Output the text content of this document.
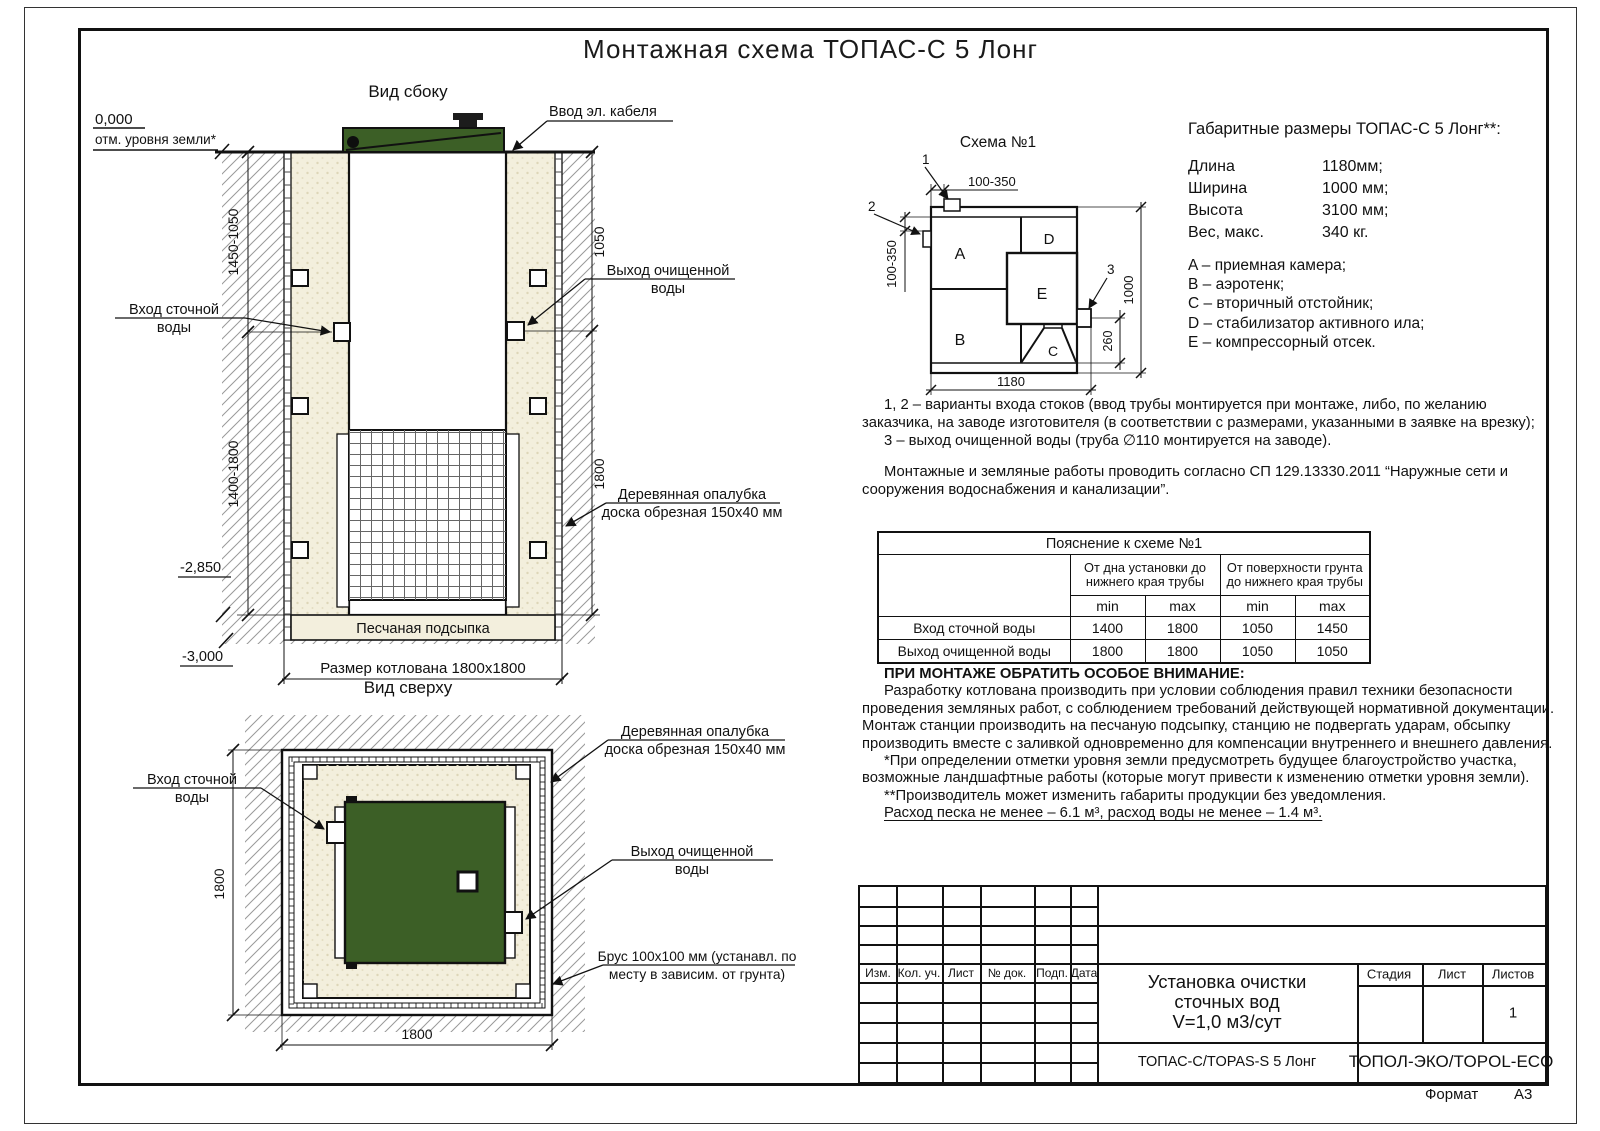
Монтажная схема ТОПАС-С 5 Лонг
Вид сбоку
Песчаная подсыпка
1450-1050
1400-1800
1050
1800
Размер котлована 1800х1800
0,000
отм. уровня земли*
-2,850
-3,000
Ввод эл. кабеля
Вход сточной
воды
Выход очищенной
воды
Деревянная опалубка
доска обрезная 150х40 мм
Вид сверху
1800
1800
Вход сточной
воды
Деревянная опалубка
доска обрезная 150х40 мм
Выход очищенной
воды
Брус 100х100 мм (устанавл. по
месту в зависим. от грунта)
Схема №1
A
B
C
D
E
100-350
100-350
260
1000
1180
1
2
3
Габаритные размеры ТОПАС-С 5 Лонг**:
Длина	1180мм;
Ширина	1000 мм;
Высота	3100 мм;
Вес, макс.	340 кг.
A – приемная камера;
B – аэротенк;
C – вторичный отстойник;
D – стабилизатор активного ила;
E – компрессорный отсек.

1, 2 – варианты входа стоков (ввод трубы монтируется при монтаже, либо, по желанию заказчика, на заводе изготовителя (в соответствии с размерами, указанными в заявке на врезку);

3 – выход очищенной воды (труба ∅110 монтируется на заводе).

Монтажные и земляные работы проводить согласно СП 129.13330.2011 “Наружные сети и сооружения водоснабжения и канализации”.

Пояснение к схеме №1				
	От дна установки до
нижнего края трубы		От поверхности грунта
до нижнего края трубы	
	min	max	min	max
Вход сточной воды	1400	1800	1050	1450
Выход очищенной воды	1800	1800	1050	1050

ПРИ МОНТАЖЕ ОБРАТИТЬ ОСОБОЕ ВНИМАНИЕ:

Разработку котлована производить при условии соблюдения правил техники безопасности проведения земляных работ, с соблюдением требований действующей нормативной документации. Монтаж станции производить на песчаную подсыпку, станцию не подвергать ударам, обсыпку производить вместе с заливкой одновременно для компенсации внутреннего и внешнего давления.

*При определении отметки уровня земли предусмотреть будущее благоустройство участка, возможные ландшафтные работы (которые могут привести к изменению отметки уровня земли).

**Производитель может изменить габариты продукции без уведомления.

Расход песка не менее – 6.1 м³, расход воды не менее – 1.4 м³.

Изм. Кол. уч. Лист № док. Подп. Дата	Установка очистки
сточных вод
V=1,0 м3/сут
Стадия Лист Листов
1
ТОПАС-С/TOPAS-S 5 Лонг ТОПОЛ-ЭКО/TOPOL-ECO
Формат А3
